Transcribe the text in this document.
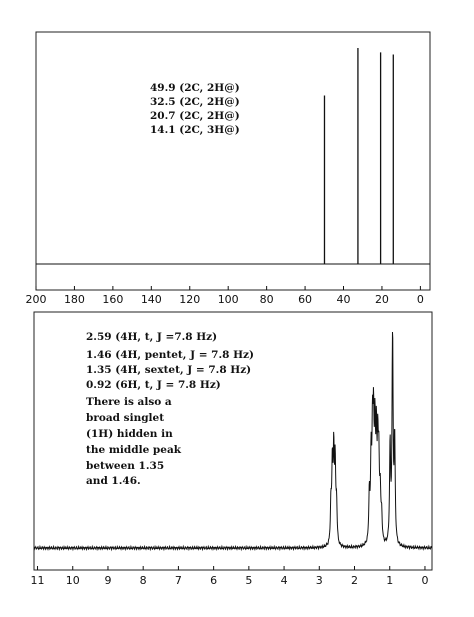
200 180 160 140 120 100 80 60 40 20	0
49.9 (2C, 2H@)
32.5 (2C, 2H@)
20.7 (2C, 2H@)
14.1 (2C, 3H@)
11 10 9	8	7	6	5	4	3	2	1	0
2.59 (4H, t, J =7.8 Hz)
1.46 (4H, pentet, J = 7.8 Hz)
1.35 (4H, sextet, J = 7.8 Hz)
0.92 (6H, t, J = 7.8 Hz)
There is also a
broad singlet
(1H) hidden in
the middle peak
between 1.35
and 1.46.
